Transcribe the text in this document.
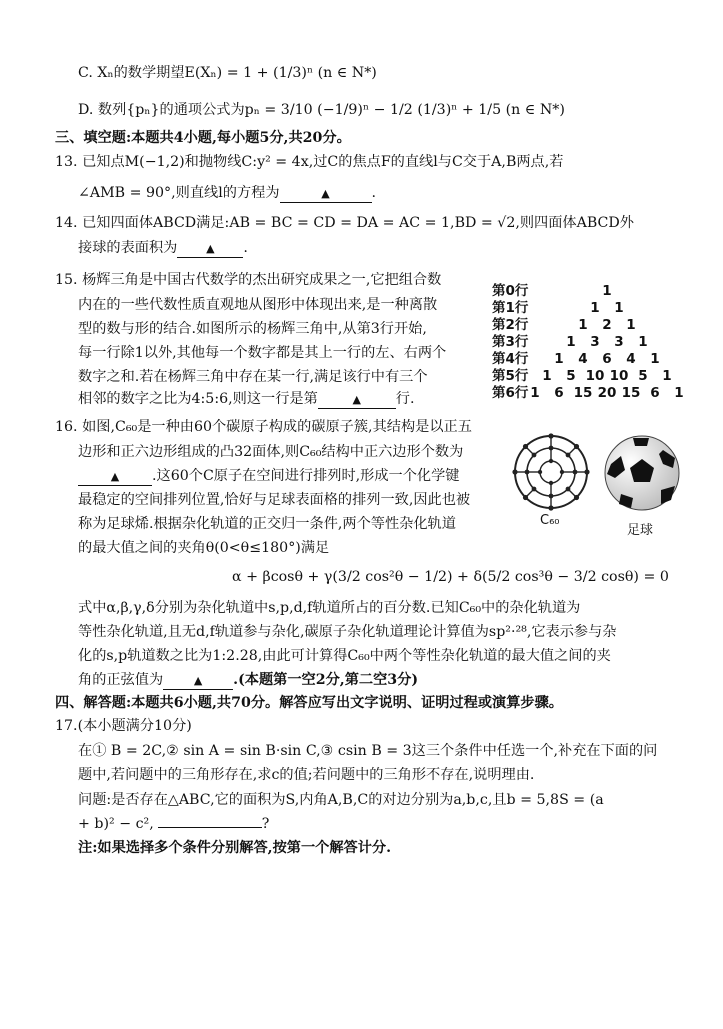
C. Xₙ的数学期望E(Xₙ) = 1 + (1/3)ⁿ (n ∈ N*)
D. 数列{pₙ}的通项公式为pₙ = 3/10 (−1/9)ⁿ − 1/2 (1/3)ⁿ + 1/5 (n ∈ N*)
三、填空题:本题共4小题,每小题5分,共20分。
13. 已知点M(−1,2)和抛物线C:y² = 4x,过C的焦点F的直线l与C交于A,B两点,若
∠AMB = 90°,则直线l的方程为	▲	.
14. 已知四面体ABCD满足:AB = BC = CD = DA = AC = 1,BD = √2,则四面体ABCD外
接球的表面积为	▲ .
15. 杨辉三角是中国古代数学的杰出研究成果之一,它把组合数
内在的一些代数性质直观地从图形中体现出来,是一种离散
型的数与形的结合.如图所示的杨辉三角中,从第3行开始,
每一行除1以外,其他每一个数字都是其上一行的左、右两个
数字之和.若在杨辉三角中存在某一行,满足该行中有三个
相邻的数字之比为4:5:6,则这一行是第	▲ 行.
第0行	1
第1行	1	1
第2行	1	2	1
第3行	1	3	3	1
第4行	1	4	6	4	1
第5行	1	5 10 10 5	1
第6行 1	6 15 20 15 6	1
16. 如图,C₆₀是一种由60个碳原子构成的碳原子簇,其结构是以正五
边形和正六边形组成的凸32面体,则C₆₀结构中正六边形个数为
▲ .这60个C原子在空间进行排列时,形成一个化学键
最稳定的空间排列位置,恰好与足球表面格的排列一致,因此也被
称为足球烯.根据杂化轨道的正交归一条件,两个等性杂化轨道
的最大值之间的夹角θ(0<θ≤180°)满足
α + βcosθ + γ(3/2 cos²θ − 1/2) + δ(5/2 cos³θ − 3/2 cosθ) = 0
式中α,β,γ,δ分别为杂化轨道中s,p,d,f轨道所占的百分数.已知C₆₀中的杂化轨道为
等性杂化轨道,且无d,f轨道参与杂化,碳原子杂化轨道理论计算值为sp²·²⁸,它表示参与杂
化的s,p轨道数之比为1:2.28,由此可计算得C₆₀中两个等性杂化轨道的最大值之间的夹
角的正弦值为	▲ .(本题第一空2分,第二空3分)
C₆₀
足球
四、解答题:本题共6小题,共70分。解答应写出文字说明、证明过程或演算步骤。
17.(本小题满分10分)
在① B = 2C,② sin A = sin B·sin C,③ csin B = 3这三个条件中任选一个,补充在下面的问
题中,若问题中的三角形存在,求c的值;若问题中的三角形不存在,说明理由.
问题:是否存在△ABC,它的面积为S,内角A,B,C的对边分别为a,b,c,且b = 5,8S = (a
+ b)² − c²,	?
注:如果选择多个条件分别解答,按第一个解答计分.
